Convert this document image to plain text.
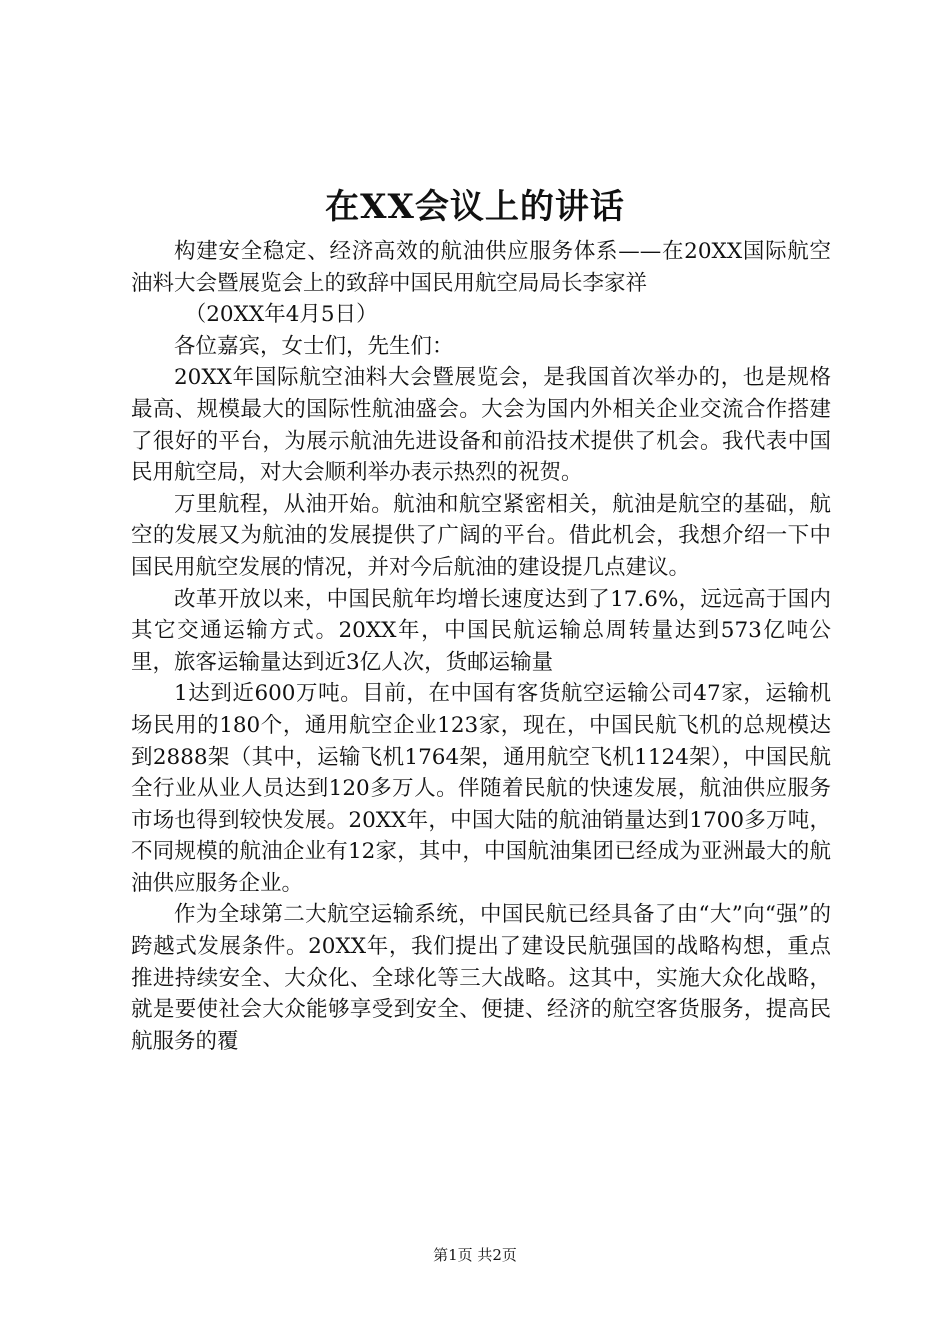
在XX会议上的讲话

构建安全稳定、经济高效的航油供应服务体系——在20XX国际航空油料大会暨展览会上的致辞中国民用航空局局长李家祥

（20XX年4月5日）

各位嘉宾，女士们，先生们：

20XX年国际航空油料大会暨展览会，是我国首次举办的，也是规格最高、规模最大的国际性航油盛会。大会为国内外相关企业交流合作搭建了很好的平台，为展示航油先进设备和前沿技术提供了机会。我代表中国民用航空局，对大会顺利举办表示热烈的祝贺。

万里航程，从油开始。航油和航空紧密相关，航油是航空的基础，航空的发展又为航油的发展提供了广阔的平台。借此机会，我想介绍一下中国民用航空发展的情况，并对今后航油的建设提几点建议。

改革开放以来，中国民航年均增长速度达到了17.6%，远远高于国内其它交通运输方式。20XX年，中国民航运输总周转量达到573亿吨公里，旅客运输量达到近3亿人次，货邮运输量

1达到近600万吨。目前，在中国有客货航空运输公司47家，运输机场民用的180个，通用航空企业123家，现在，中国民航飞机的总规模达到2888架（其中，运输飞机1764架，通用航空飞机1124架），中国民航全行业从业人员达到120多万人。伴随着民航的快速发展，航油供应服务市场也得到较快发展。20XX年，中国大陆的航油销量达到1700多万吨，不同规模的航油企业有12家，其中，中国航油集团已经成为亚洲最大的航油供应服务企业。

作为全球第二大航空运输系统，中国民航已经具备了由“大”向“强”的跨越式发展条件。20XX年，我们提出了建设民航强国的战略构想，重点推进持续安全、大众化、全球化等三大战略。这其中，实施大众化战略，就是要使社会大众能够享受到安全、便捷、经济的航空客货服务，提高民航服务的覆

第1页 共2页
